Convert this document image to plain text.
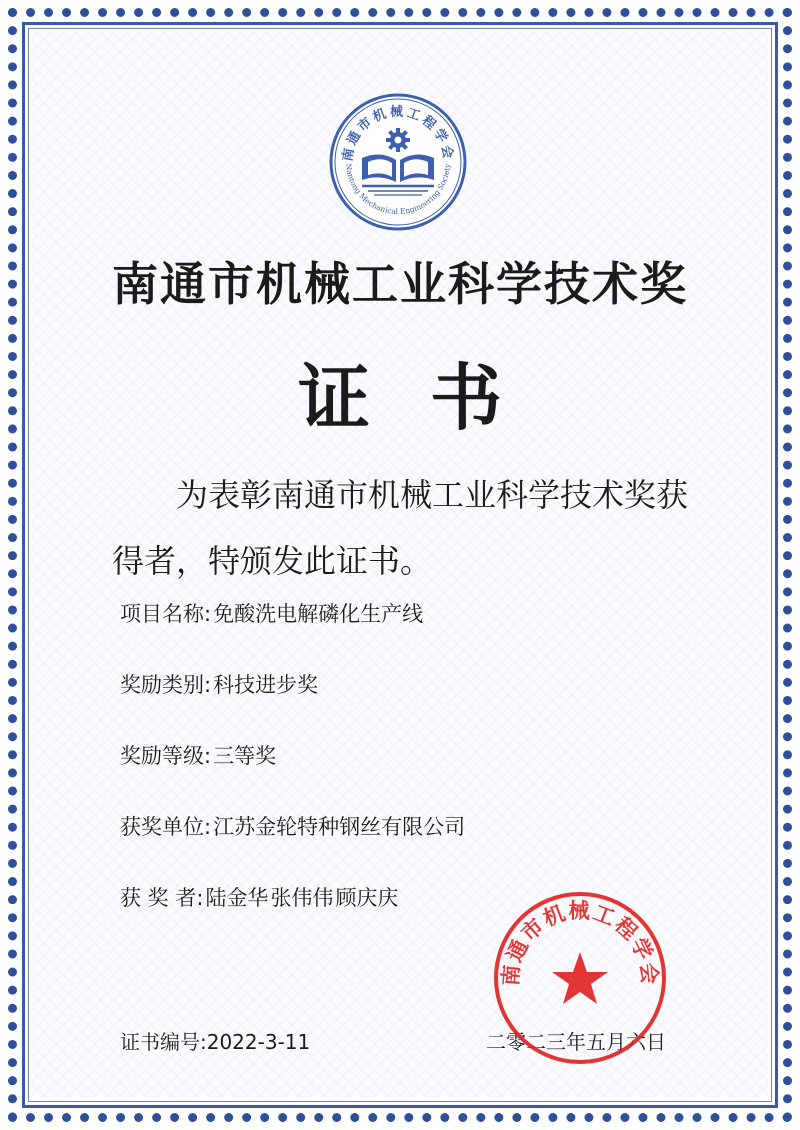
南通市机械工程学会
Nantong Mechanical Engineering Society
南通市机械工业科学技术奖
证书
为表彰南通市机械工业科学技术奖获得者，特颁发此证书。
项目名称:免酸洗电解磷化生产线
奖励类别:科技进步奖
奖励等级:三等奖
获奖单位:江苏金轮特种钢丝有限公司
获 奖 者:陆金华张伟伟顾庆庆
证书编号:2022-3-11	二零二三年五月六日
南通市机械工程学会
